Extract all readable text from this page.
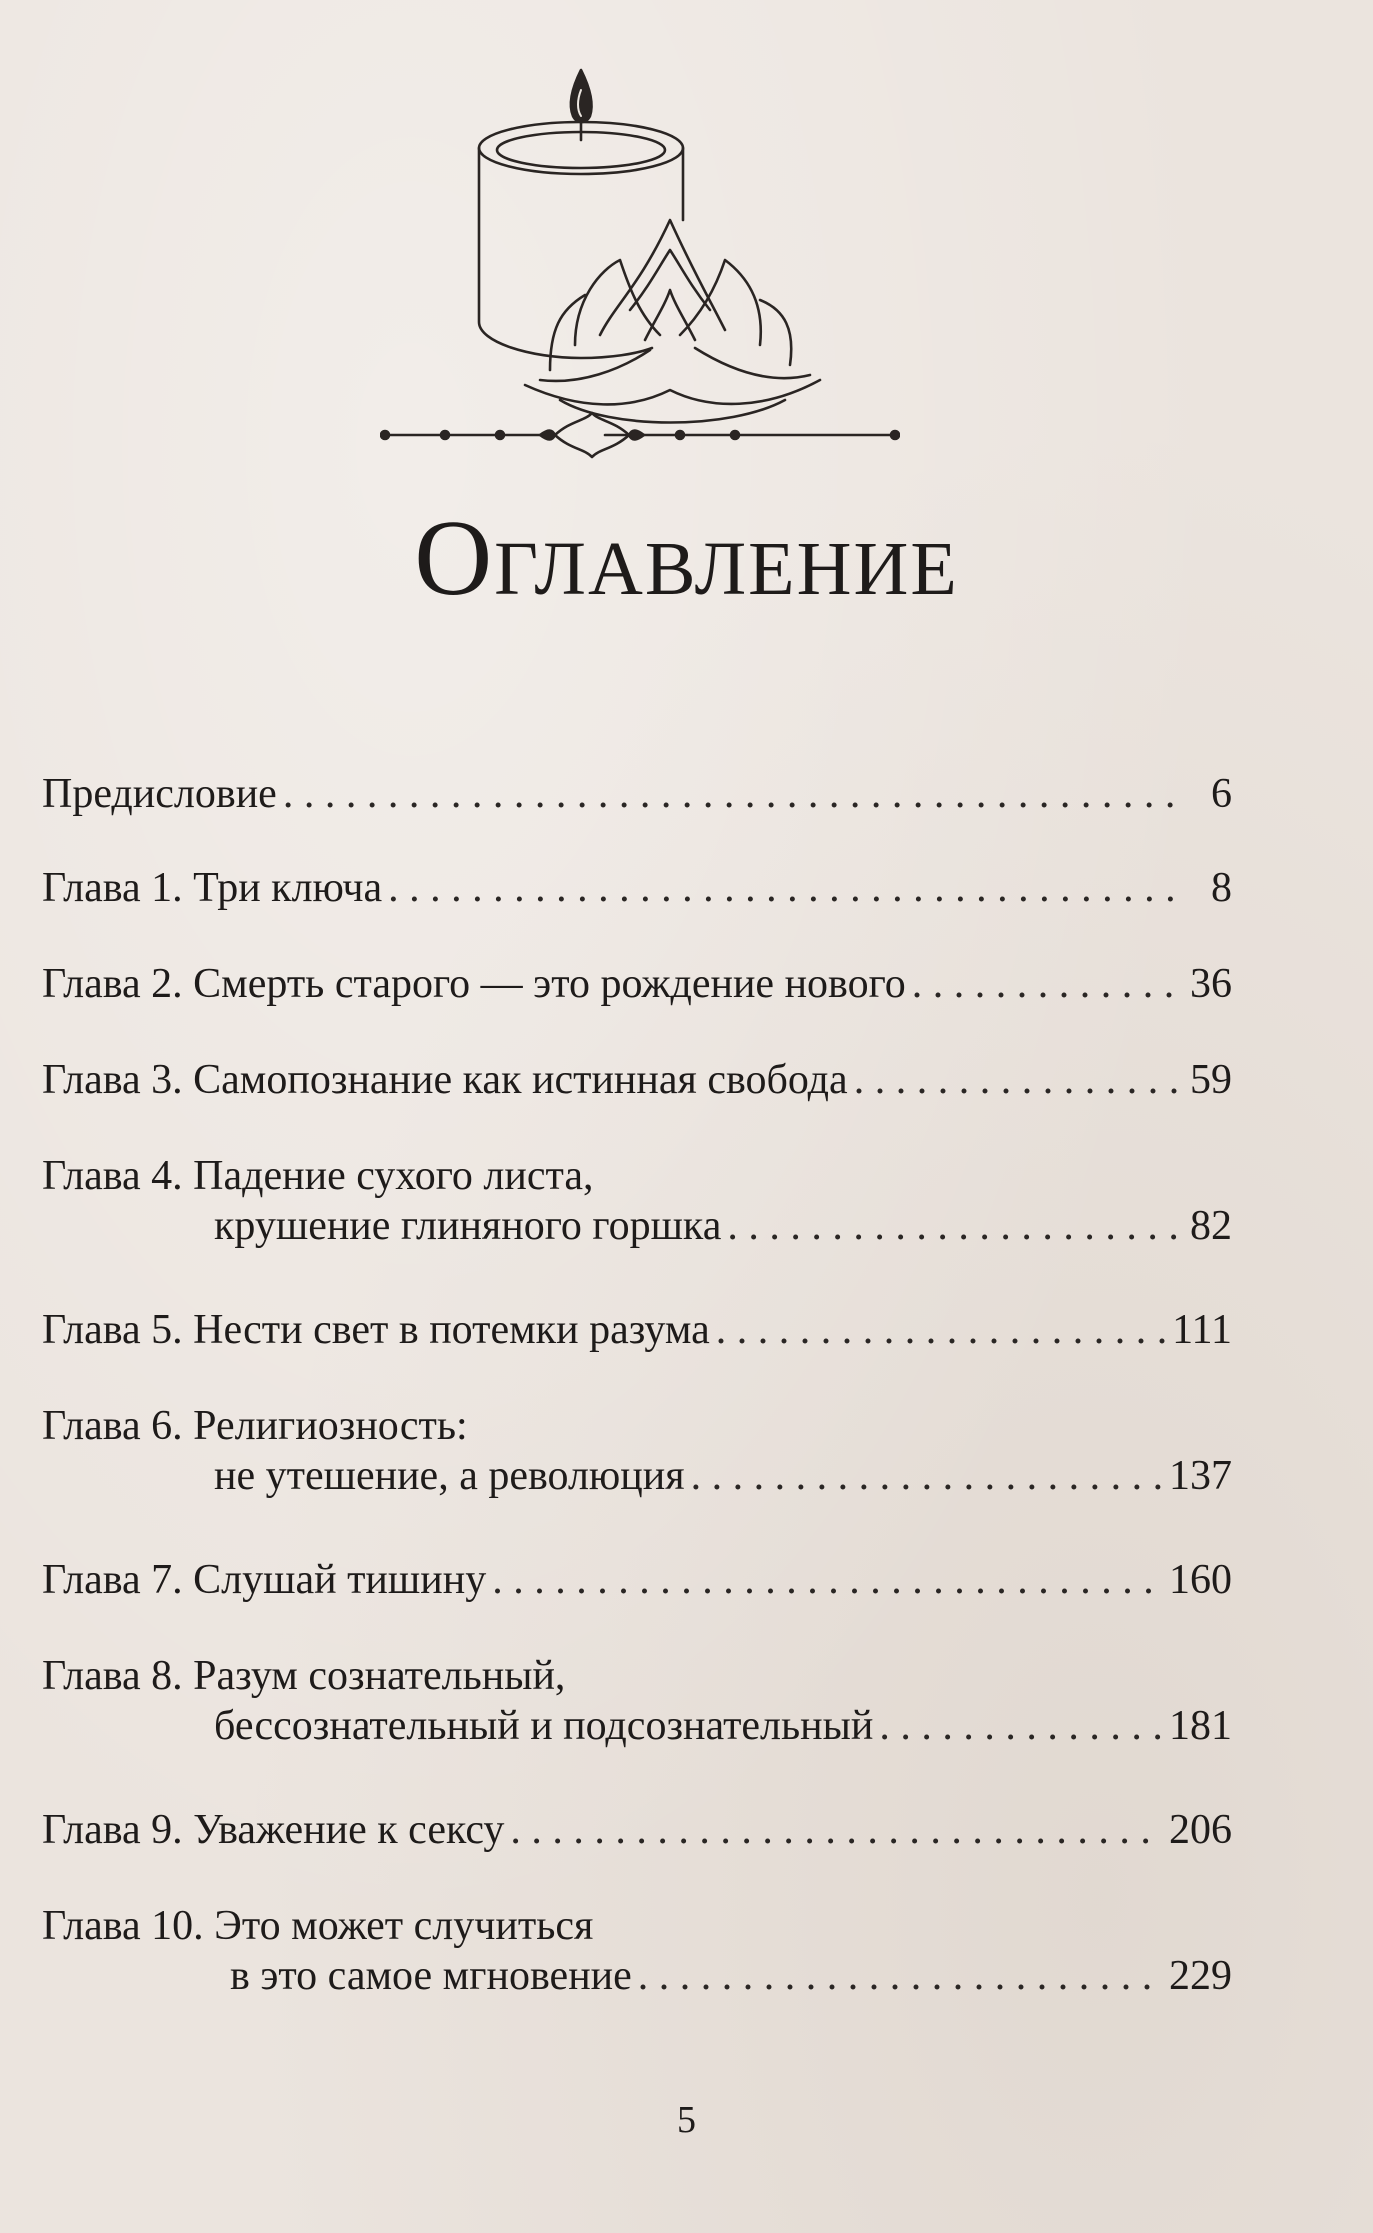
Оглавление
Предисловие . . .	6
Глава 1. Три ключа . . .	8
Глава 2. Смерть старого — это рождение нового . . .	36
Глава 3. Самопознание как истинная свобода . . .	59
Глава 4. Падение сухого листа,
крушение глиняного горшка . . .	82
Глава 5. Нести свет в потемки разума . . .	111
Глава 6. Религиозность:
не утешение, а революция . . .	137
Глава 7. Слушай тишину . . .	160
Глава 8. Разум сознательный,
бессознательный и подсознательный . . .	181
Глава 9. Уважение к сексу . . .	206
Глава 10. Это может случиться
в это самое мгновение . . .	229
5
